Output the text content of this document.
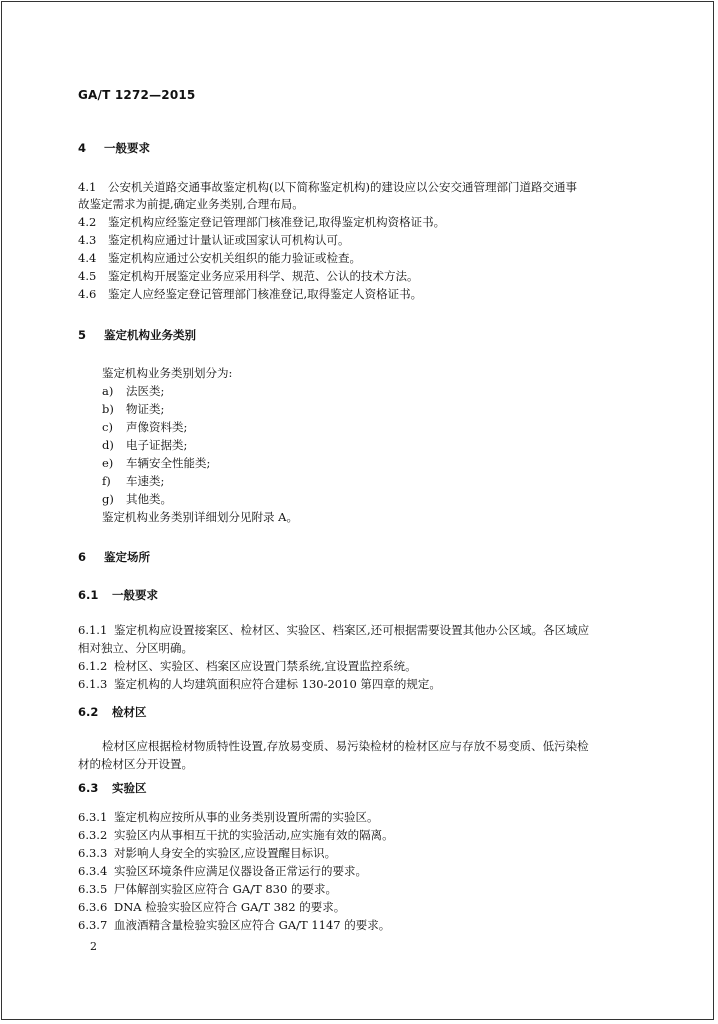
GA/T 1272—2015
4 一般要求
4.1 公安机关道路交通事故鉴定机构(以下简称鉴定机构)的建设应以公安交通管理部门道路交通事
故鉴定需求为前提,确定业务类别,合理布局。
4.2 鉴定机构应经鉴定登记管理部门核准登记,取得鉴定机构资格证书。
4.3 鉴定机构应通过计量认证或国家认可机构认可。
4.4 鉴定机构应通过公安机关组织的能力验证或检查。
4.5 鉴定机构开展鉴定业务应采用科学、规范、公认的技术方法。
4.6 鉴定人应经鉴定登记管理部门核准登记,取得鉴定人资格证书。
5 鉴定机构业务类别
鉴定机构业务类别划分为:
a) 法医类;
b) 物证类;
c) 声像资料类;
d) 电子证据类;
e) 车辆安全性能类;
f) 车速类;
g) 其他类。
鉴定机构业务类别详细划分见附录 A。
6 鉴定场所
6.1 一般要求
6.1.1 鉴定机构应设置接案区、检材区、实验区、档案区,还可根据需要设置其他办公区域。各区域应
相对独立、分区明确。
6.1.2 检材区、实验区、档案区应设置门禁系统,宜设置监控系统。
6.1.3 鉴定机构的人均建筑面积应符合建标 130-2010 第四章的规定。
6.2 检材区
检材区应根据检材物质特性设置,存放易变质、易污染检材的检材区应与存放不易变质、低污染检
材的检材区分开设置。
6.3 实验区
6.3.1 鉴定机构应按所从事的业务类别设置所需的实验区。
6.3.2 实验区内从事相互干扰的实验活动,应实施有效的隔离。
6.3.3 对影响人身安全的实验区,应设置醒目标识。
6.3.4 实验区环境条件应满足仪器设备正常运行的要求。
6.3.5 尸体解剖实验区应符合 GA/T 830 的要求。
6.3.6 DNA 检验实验区应符合 GA/T 382 的要求。
6.3.7 血液酒精含量检验实验区应符合 GA/T 1147 的要求。
2
